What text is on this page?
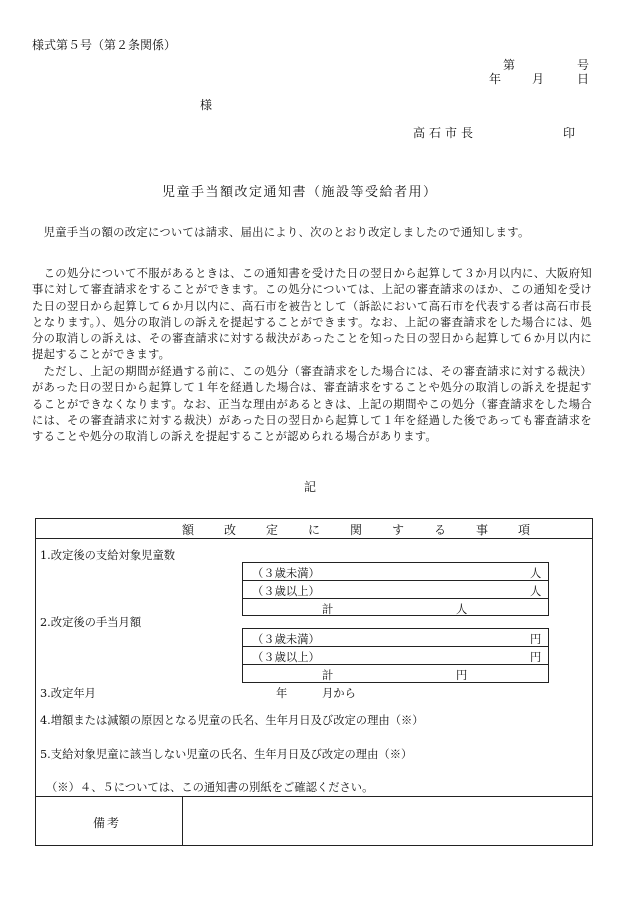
様式第５号（第２条関係）
第	号
年	月	日
様
高石市長	印
児童手当額改定通知書（施設等受給者用）

児童手当の額の改定については請求、届出により、次のとおり改定しましたので通知します。

この処分について不服があるときは、この通知書を受けた日の翌日から起算して３か月以内に、大阪府知事に対して審査請求をすることができます。この処分については、上記の審査請求のほか、この通知を受けた日の翌日から起算して６か月以内に、高石市を被告として（訴訟において高石市を代表する者は高石市長となります。）、処分の取消しの訴えを提起することができます。なお、上記の審査請求をした場合には、処分の取消しの訴えは、その審査請求に対する裁決があったことを知った日の翌日から起算して６か月以内に提起することができます。

ただし、上記の期間が経過する前に、この処分（審査請求をした場合には、その審査請求に対する裁決）があった日の翌日から起算して１年を経過した場合は、審査請求をすることや処分の取消しの訴えを提起することができなくなります。なお、正当な理由があるときは、上記の期間やこの処分（審査請求をした場合には、その審査請求に対する裁決）があった日の翌日から起算して１年を経過した後であっても審査請求をすることや処分の取消しの訴えを提起することが認められる場合があります。

記
額　改　定　に　関　す　る　事　項
1.改定後の支給対象児童数
（３歳未満）	人
（３歳以上）	人
計	人
2.改定後の手当月額
（３歳未満）	円
（３歳以上）	円
計	円
3.改定年月	年	月から
4.増額または減額の原因となる児童の氏名、生年月日及び改定の理由（※）
5.支給対象児童に該当しない児童の氏名、生年月日及び改定の理由（※）
（※）４、５については、この通知書の別紙をご確認ください。
備考
